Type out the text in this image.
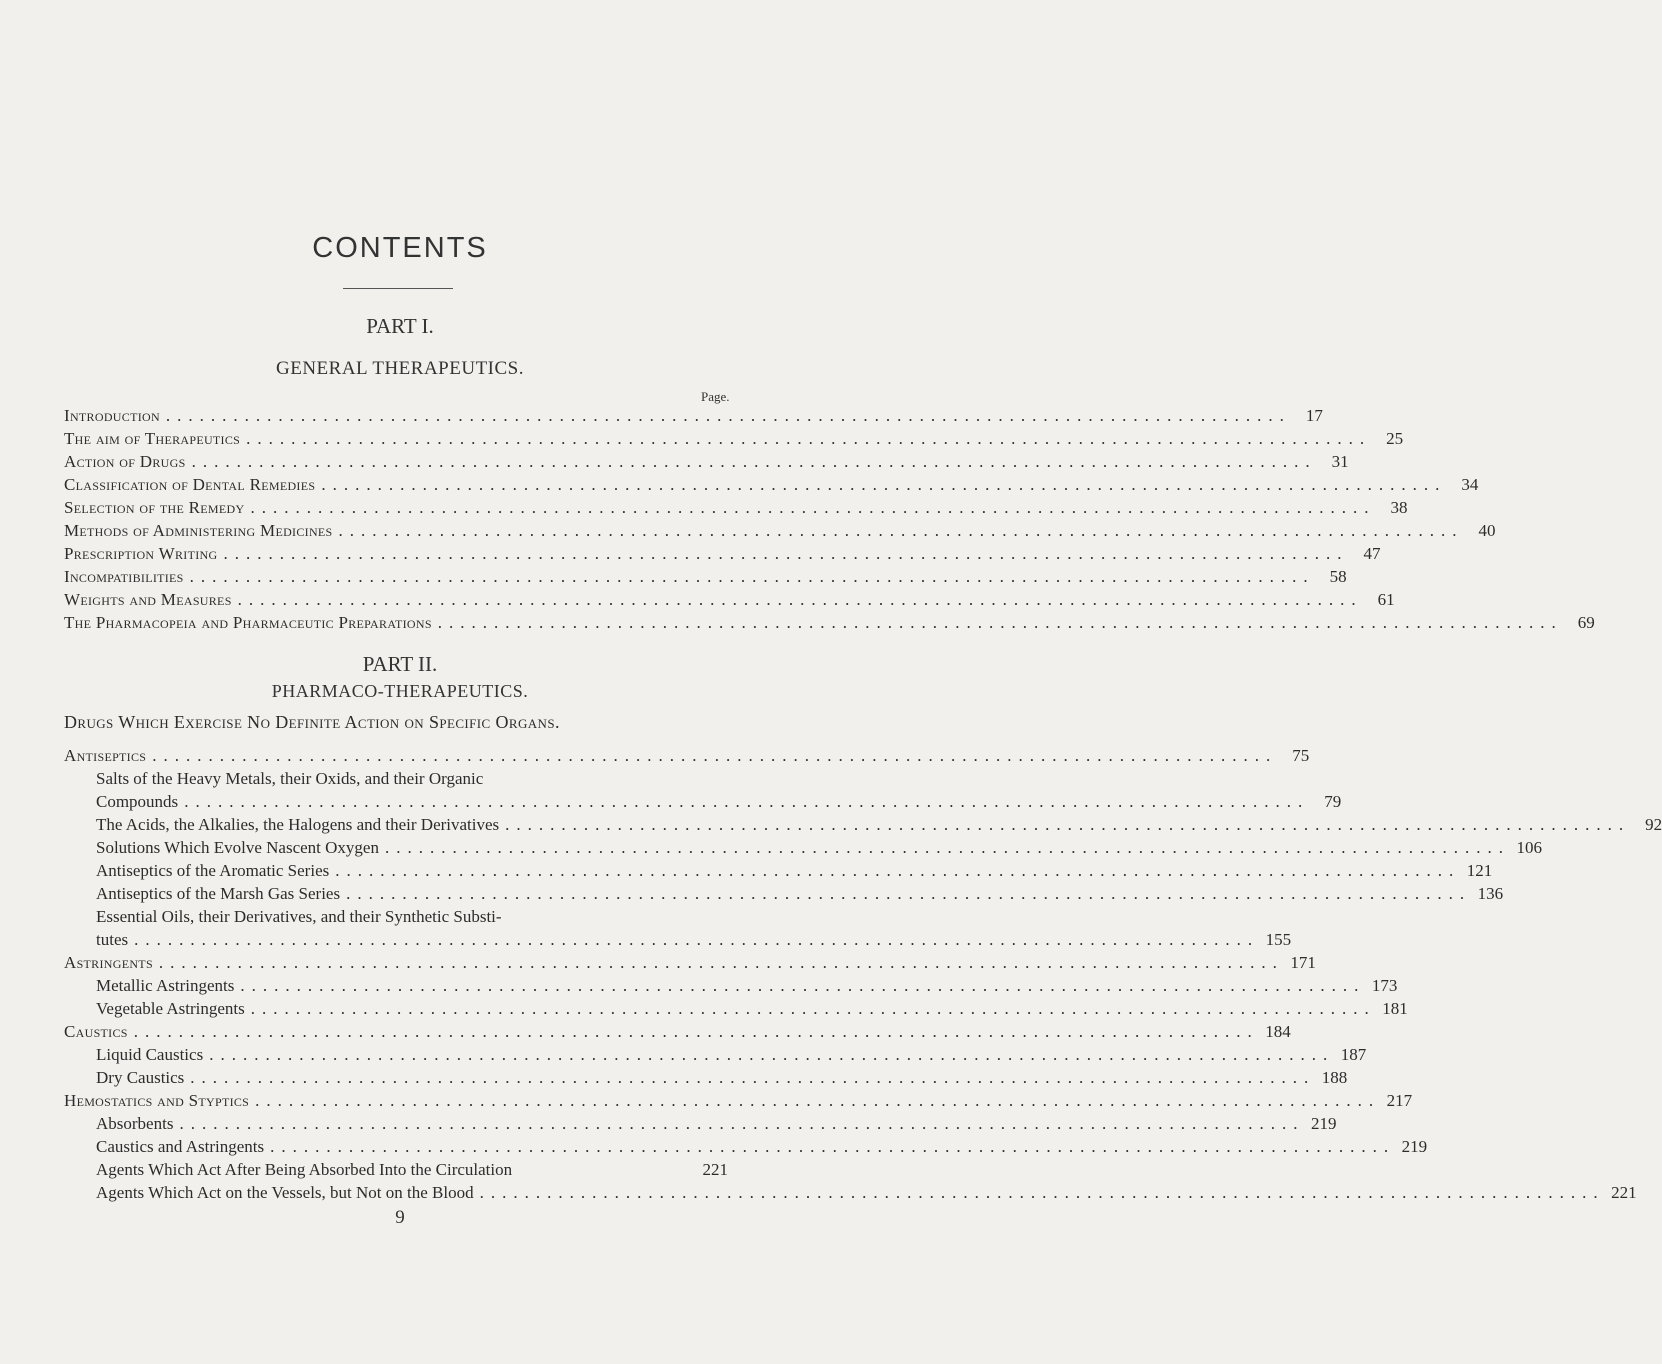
CONTENTS
PART I.
GENERAL THERAPEUTICS.
Page.
Introduction .................................................................................................... 17
The aim of Therapeutics .................................................................................................... 25
Action of Drugs .................................................................................................... 31
Classification of Dental Remedies .................................................................................................... 34
Selection of the Remedy .................................................................................................... 38
Methods of Administering Medicines .................................................................................................... 40
Prescription Writing .................................................................................................... 47
Incompatibilities .................................................................................................... 58
Weights and Measures .................................................................................................... 61
The Pharmacopeia and Pharmaceutic Preparations .................................................................................................... 69
PART II.
PHARMACO-THERAPEUTICS.
Drugs Which Exercise No Definite Action on Specific Organs.
Antiseptics .................................................................................................... 75
Salts of the Heavy Metals, their Oxids, and their Organic
Compounds .................................................................................................... 79
The Acids, the Alkalies, the Halogens and their Derivatives .................................................................................................... 92
Solutions Which Evolve Nascent Oxygen .................................................................................................... 106
Antiseptics of the Aromatic Series .................................................................................................... 121
Antiseptics of the Marsh Gas Series .................................................................................................... 136
Essential Oils, their Derivatives, and their Synthetic Substi-
tutes .................................................................................................... 155
Astringents .................................................................................................... 171
Metallic Astringents .................................................................................................... 173
Vegetable Astringents .................................................................................................... 181
Caustics .................................................................................................... 184
Liquid Caustics .................................................................................................... 187
Dry Caustics .................................................................................................... 188
Hemostatics and Styptics .................................................................................................... 217
Absorbents .................................................................................................... 219
Caustics and Astringents .................................................................................................... 219
Agents Which Act After Being Absorbed Into the Circulation	221
Agents Which Act on the Vessels, but Not on the Blood .................................................................................................... 221
9
